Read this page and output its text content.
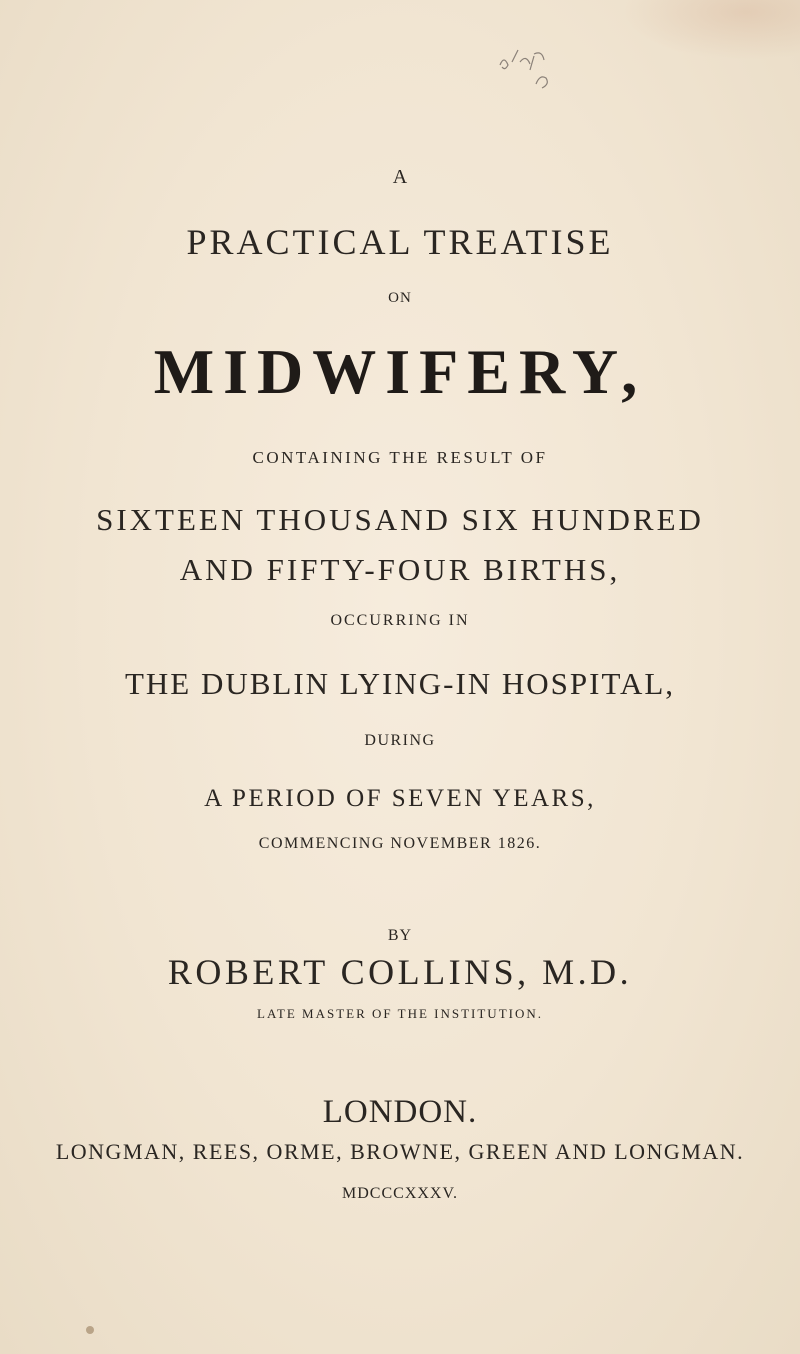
A
PRACTICAL TREATISE
ON
MIDWIFERY,
CONTAINING THE RESULT OF
SIXTEEN THOUSAND SIX HUNDRED
AND FIFTY-FOUR BIRTHS,
OCCURRING IN
THE DUBLIN LYING-IN HOSPITAL,
DURING
A PERIOD OF SEVEN YEARS,
COMMENCING NOVEMBER 1826.
BY
ROBERT COLLINS, M.D.
LATE MASTER OF THE INSTITUTION.
LONDON.
LONGMAN, REES, ORME, BROWNE, GREEN AND LONGMAN.
MDCCCXXXV.
